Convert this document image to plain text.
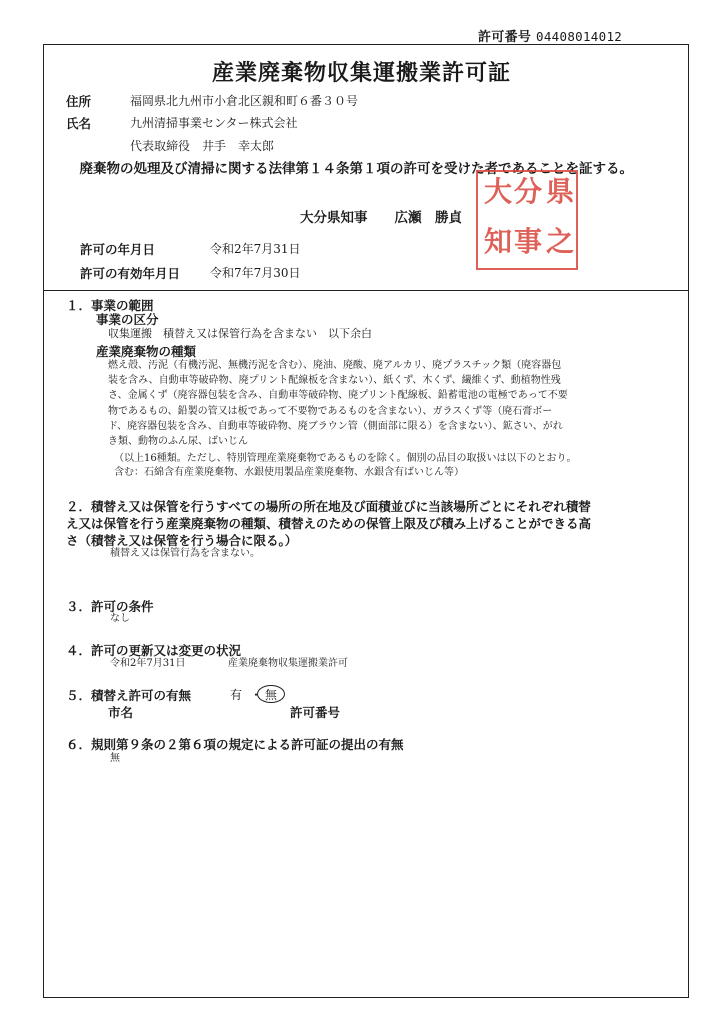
許可番号 04408014012
産業廃棄物収集運搬業許可証
住所	福岡県北九州市小倉北区親和町６番３０号
氏名	九州清掃事業センター株式会社
代表取締役　井手　幸太郎
廃棄物の処理及び清掃に関する法律第１４条第１項の許可を受けた者であることを証する。
県
大 分
知 事 之
大分県知事　　 広瀬　勝貞
許可の年月日	令和2年7月31日
許可の有効年月日 令和7年7月30日
１．事業の範囲
事業の区分
収集運搬　積替え又は保管行為を含まない　以下余白
産業廃棄物の種類
燃え殻、汚泥（有機汚泥、無機汚泥を含む）、廃油、廃酸、廃アルカリ、廃プラスチック類（廃容器包
装を含み、自動車等破砕物、廃プリント配線板を含まない）、紙くず、木くず、繊維くず、動植物性残
さ、金属くず（廃容器包装を含み、自動車等破砕物、廃プリント配線板、鉛蓄電池の電極であって不要
物であるもの、鉛製の管又は板であって不要物であるものを含まない）、ガラスくず等（廃石膏ボー
ド、廃容器包装を含み、自動車等破砕物、廃ブラウン管（側面部に限る）を含まない）、鉱さい、がれ
き類、動物のふん尿、ばいじん
（以上16種類。ただし、特別管理産業廃棄物であるものを除く。個別の品目の取扱いは以下のとおり。
含む：石綿含有産業廃棄物、水銀使用製品産業廃棄物、水銀含有ばいじん等）
２．積替え又は保管を行うすべての場所の所在地及び面積並びに当該場所ごとにそれぞれ積替
え又は保管を行う産業廃棄物の種類、積替えのための保管上限及び積み上げることができる高
さ（積替え又は保管を行う場合に限る。）
積替え又は保管行為を含まない。
３．許可の条件
なし
４．許可の更新又は変更の状況
令和2年7月31日	産業廃棄物収集運搬業許可
５．積替え許可の有無	有 ・ 無
市名	許可番号
６．規則第９条の２第６項の規定による許可証の提出の有無
無
